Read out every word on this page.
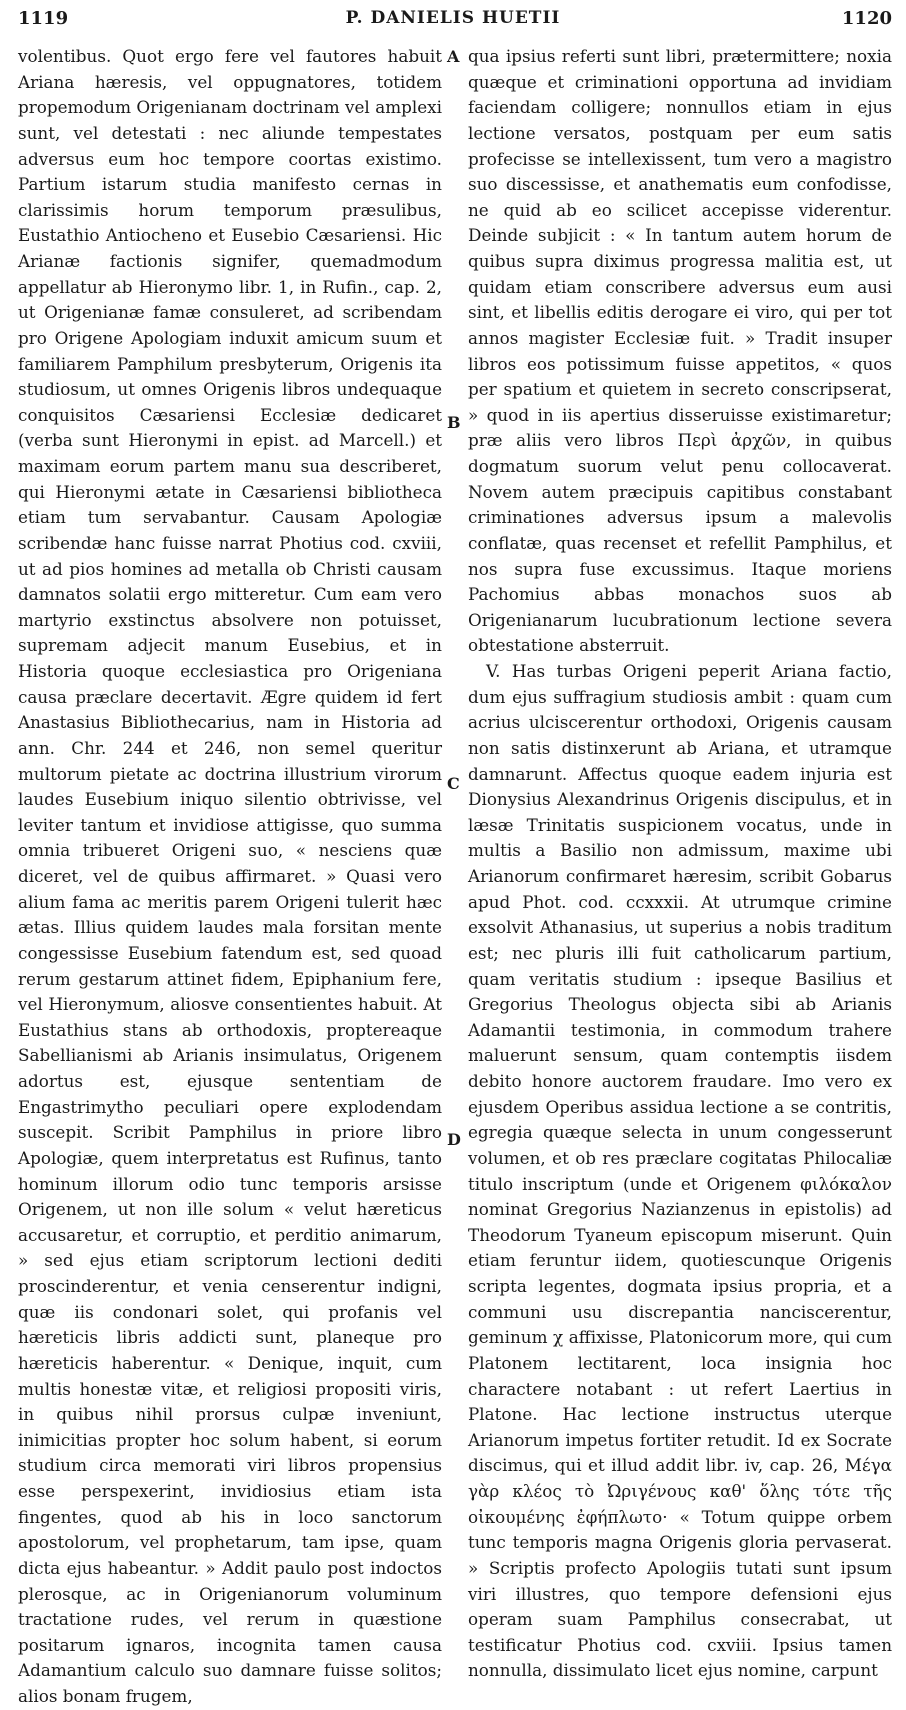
1119	P. DANIELIS HUETII	1120

volentibus. Quot ergo fere vel fautores habuit Ariana hæresis, vel oppugnatores, totidem propemodum Origenianam doctrinam vel amplexi sunt, vel detestati : nec aliunde tempestates adversus eum hoc tempore coortas existimo. Partium istarum studia manifesto cernas in clarissimis horum temporum præsulibus, Eustathio Antiocheno et Eusebio Cæsariensi. Hic Arianæ factionis signifer, quemadmodum appellatur ab Hieronymo libr. 1, in Rufin., cap. 2, ut Origenianæ famæ consuleret, ad scribendam pro Origene Apologiam induxit amicum suum et familiarem Pamphilum presbyterum, Origenis ita studiosum, ut omnes Origenis libros undequaque conquisitos Cæsariensi Ecclesiæ dedicaret (verba sunt Hieronymi in epist. ad Marcell.) et maximam eorum partem manu sua describeret, qui Hieronymi ætate in Cæsariensi bibliotheca etiam tum servabantur. Causam Apologiæ scribendæ hanc fuisse narrat Photius cod. cxviii, ut ad pios homines ad metalla ob Christi causam damnatos solatii ergo mitteretur. Cum eam vero martyrio exstinctus absolvere non potuisset, supremam adjecit manum Eusebius, et in Historia quoque ecclesiastica pro Origeniana causa præclare decertavit. Ægre quidem id fert Anastasius Bibliothecarius, nam in Historia ad ann. Chr. 244 et 246, non semel queritur multorum pietate ac doctrina illustrium virorum laudes Eusebium iniquo silentio obtrivisse, vel leviter tantum et invidiose attigisse, quo summa omnia tribueret Origeni suo, « nesciens quæ diceret, vel de quibus affirmaret. » Quasi vero alium fama ac meritis parem Origeni tulerit hæc ætas. Illius quidem laudes mala forsitan mente congessisse Eusebium fatendum est, sed quoad rerum gestarum attinet fidem, Epiphanium fere, vel Hieronymum, aliosve consentientes habuit. At Eustathius stans ab orthodoxis, proptereaque Sabellianismi ab Arianis insimulatus, Origenem adortus est, ejusque sententiam de Engastrimytho peculiari opere explodendam suscepit. Scribit Pamphilus in priore libro Apologiæ, quem interpretatus est Rufinus, tanto hominum illorum odio tunc temporis arsisse Origenem, ut non ille solum « velut hæreticus accusaretur, et corruptio, et perditio animarum, » sed ejus etiam scriptorum lectioni dediti proscinderentur, et venia censerentur indigni, quæ iis condonari solet, qui profanis vel hæreticis libris addicti sunt, planeque pro hæreticis haberentur. « Denique, inquit, cum multis honestæ vitæ, et religiosi propositi viris, in quibus nihil prorsus culpæ inveniunt, inimicitias propter hoc solum habent, si eorum studium circa memorati viri libros propensius esse perspexerint, invidiosius etiam ista fingentes, quod ab his in loco sanctorum apostolorum, vel prophetarum, tam ipse, quam dicta ejus habeantur. » Addit paulo post indoctos plerosque, ac in Origenianorum voluminum tractatione rudes, vel rerum in quæstione positarum ignaros, incognita tamen causa Adamantium calculo suo damnare fuisse solitos; alios bonam frugem,

qua ipsius referti sunt libri, prætermittere; noxia quæque et criminationi opportuna ad invidiam faciendam colligere; nonnullos etiam in ejus lectione versatos, postquam per eum satis profecisse se intellexissent, tum vero a magistro suo discessisse, et anathematis eum confodisse, ne quid ab eo scilicet accepisse viderentur. Deinde subjicit : « In tantum autem horum de quibus supra diximus progressa malitia est, ut quidam etiam conscribere adversus eum ausi sint, et libellis editis derogare ei viro, qui per tot annos magister Ecclesiæ fuit. » Tradit insuper libros eos potissimum fuisse appetitos, « quos per spatium et quietem in secreto conscripserat, » quod in iis apertius disseruisse existimaretur; præ aliis vero libros Περὶ ἀρχῶν, in quibus dogmatum suorum velut penu collocaverat. Novem autem præcipuis capitibus constabant criminationes adversus ipsum a malevolis conflatæ, quas recenset et refellit Pamphilus, et nos supra fuse excussimus. Itaque moriens Pachomius abbas monachos suos ab Origenianarum lucubrationum lectione severa obtestatione absterruit.

V. Has turbas Origeni peperit Ariana factio, dum ejus suffragium studiosis ambit : quam cum acrius ulciscerentur orthodoxi, Origenis causam non satis distinxerunt ab Ariana, et utramque damnarunt. Affectus quoque eadem injuria est Dionysius Alexandrinus Origenis discipulus, et in læsæ Trinitatis suspicionem vocatus, unde in multis a Basilio non admissum, maxime ubi Arianorum confirmaret hæresim, scribit Gobarus apud Phot. cod. ccxxxii. At utrumque crimine exsolvit Athanasius, ut superius a nobis traditum est; nec pluris illi fuit catholicarum partium, quam veritatis studium : ipseque Basilius et Gregorius Theologus objecta sibi ab Arianis Adamantii testimonia, in commodum trahere maluerunt sensum, quam contemptis iisdem debito honore auctorem fraudare. Imo vero ex ejusdem Operibus assidua lectione a se contritis, egregia quæque selecta in unum congesserunt volumen, et ob res præclare cogitatas Philocaliæ titulo inscriptum (unde et Origenem φιλόκαλον nominat Gregorius Nazianzenus in epistolis) ad Theodorum Tyaneum episcopum miserunt. Quin etiam feruntur iidem, quotiescunque Origenis scripta legentes, dogmata ipsius propria, et a communi usu discrepantia nanciscerentur, geminum χ affixisse, Platonicorum more, qui cum Platonem lectitarent, loca insignia hoc charactere notabant : ut refert Laertius in Platone. Hac lectione instructus uterque Arianorum impetus fortiter retudit. Id ex Socrate discimus, qui et illud addit libr. iv, cap. 26, Μέγα γὰρ κλέος τὸ Ὠριγένους καθ' ὅλης τότε τῆς οἰκουμένης ἐφήπλωτο· « Totum quippe orbem tunc temporis magna Origenis gloria pervaserat. » Scriptis profecto Apologiis tutati sunt ipsum viri illustres, quo tempore defensioni ejus operam suam Pamphilus consecrabat, ut testificatur Photius cod. cxviii. Ipsius tamen nonnulla, dissimulato licet ejus nomine, carpunt

A
B
C
D
